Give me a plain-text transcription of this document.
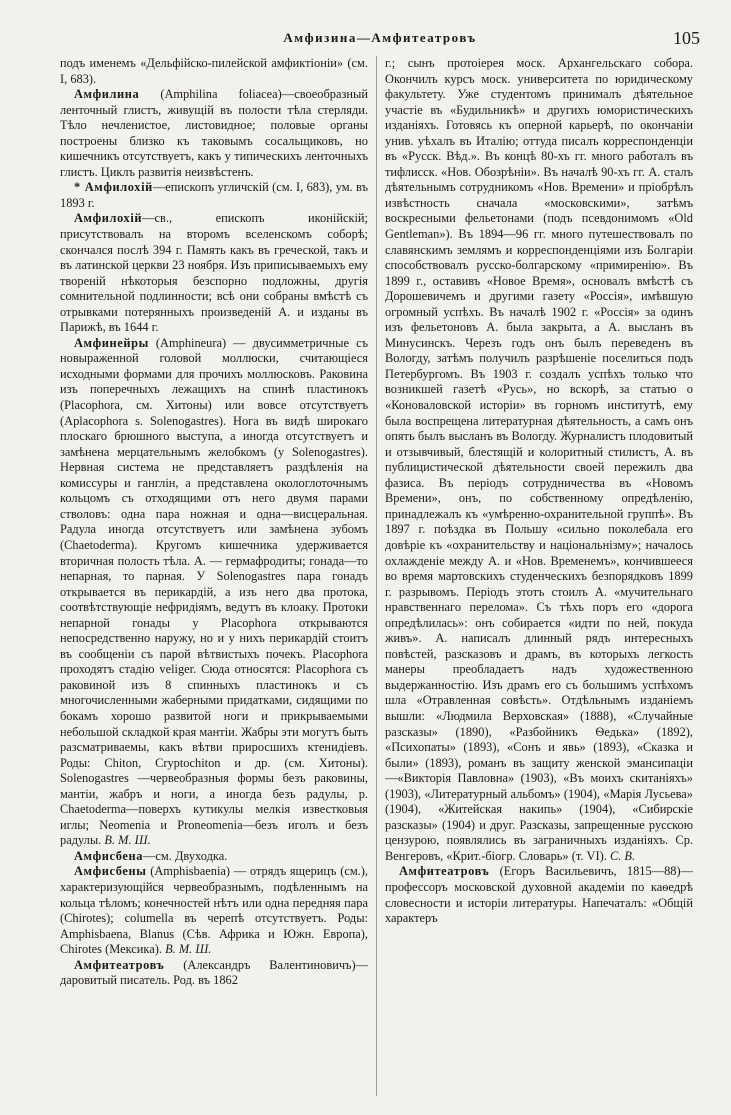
Амфизина—Амфитеатровъ	105

подъ именемъ «Дельфійско-пилейской амфиктіоніи» (см. I, 683).

Амфилина (Amphilina foliacea)—своеобразный ленточный глистъ, живущій въ полости тѣла стерляди. Тѣло нечленистое, листовидное; половые органы построены близко къ таковымъ сосальщиковъ, но кишечникъ отсутствуетъ, какъ у типическихъ ленточныхъ глистъ. Циклъ развитія неизвѣстенъ.

* Амфилохій—епископъ угличскій (см. I, 683), ум. въ 1893 г.

Амфилохій—св., епископъ иконійскій; присутствовалъ на второмъ вселенскомъ соборѣ; скончался послѣ 394 г. Память какъ въ греческой, такъ и въ латинской церкви 23 ноября. Изъ приписываемыхъ ему твореній нѣкоторыя безспорно подложны, другія сомнительной подлинности; всѣ они собраны вмѣстѣ съ отрывками потерянныхъ произведеній А. и изданы въ Парижѣ, въ 1644 г.

Амфинейры (Amphineura) — двусимметричные съ новыраженной головой моллюски, считающіеся исходными формами для прочихъ моллюсковъ. Раковина изъ поперечныхъ лежащихъ на спинѣ пластинокъ (Placophora, см. Хитоны) или вовсе отсутствуетъ (Aplacophora s. Solenogastres). Нога въ видѣ широкаго плоскаго брюшного выступа, а иногда отсутствуетъ и замѣнена мерцательнымъ желобкомъ (у Solenogastres). Нервная система не представляетъ раздѣленія на комиссуры и ганглін, а представлена окологлоточнымъ кольцомъ съ отходящими отъ него двумя парами стволовъ: одна пара ножная и одна—висцеральная. Радула иногда отсутствуетъ или замѣнена зубомъ (Chaetoderma). Кругомъ кишечника удерживается вторичная полость тѣла. А. — гермафродиты; гонада—то непарная, то парная. У Solenogastres пара гонадъ открывается въ перикардій, а изъ него два протока, соотвѣтствующіе нефридіямъ, ведутъ въ клоаку. Протоки непарной гонады у Placophora открываются непосредственно наружу, но и у нихъ перикардій стоитъ въ сообщеніи съ парой вѣтвистыхъ почекъ. Placophora проходятъ стадію veliger. Сюда относятся: Placophora съ раковиной изъ 8 спинныхъ пластинокъ и съ многочисленными жаберными придатками, сидящими по бокамъ хорошо развитой ноги и прикрываемыми небольшой складкой края мантіи. Жабры эти могутъ быть разсматриваемы, какъ вѣтви приросшихъ ктенидіевъ. Роды: Chiton, Cryptochiton и др. (см. Хитоны). Solenogastres —червеобразныя формы безъ раковины, мантіи, жабръ и ноги, а иногда безъ радулы, р. Chaetoderma—поверхъ кутикулы мелкія известковыя иглы; Neomenia и Proneomenia—безъ иголъ и безъ радулы. В. М. Ш.

Амфисбена—см. Двуходка.

Амфисбены (Amphisbaenia) — отрядъ ящерицъ (см.), характеризующійся червеобразнымъ, подѣленнымъ на кольца тѣломъ; конечностей нѣтъ или одна передняя пара (Chirotes); columella въ черепѣ отсутствуетъ. Роды: Amphisbaena, Blanus (Сѣв. Африка и Южн. Европа), Chirotes (Мексика). В. М. Ш.

Амфитеатровъ (Александръ Валентиновичъ)—даровитый писатель. Род. въ 1862

г.; сынъ протоіерея моск. Архангельскаго собора. Окончилъ курсъ моск. университета по юридическому факультету. Уже студентомъ принималъ дѣятельное участіе въ «Будильникѣ» и другихъ юмористическихъ изданіяхъ. Готовясь къ оперной карьерѣ, по окончаніи унив. уѣхалъ въ Италію; оттуда писалъ корреспонденціи въ «Русск. Вѣд.». Въ концѣ 80-хъ гг. много работалъ въ тифлисск. «Нов. Обозрѣніи». Въ началѣ 90-хъ гг. А. сталъ дѣятельнымъ сотрудникомъ «Нов. Времени» и пріобрѣлъ извѣстность сначала «московскими», затѣмъ воскресными фельетонами (подъ псевдонимомъ «Old Gentleman»). Въ 1894—96 гг. много путешествовалъ по славянскимъ землямъ и корреспонденціями изъ Болгаріи способствовалъ русско-болгарскому «примиренію». Въ 1899 г., оставивъ «Новое Время», основалъ вмѣстѣ съ Дорошевичемъ и другими газету «Россія», имѣвшую огромный успѣхъ. Въ началѣ 1902 г. «Россія» за одинъ изъ фельетоновъ А. была закрыта, а А. высланъ въ Минусинскъ. Черезъ годъ онъ былъ переведенъ въ Вологду, затѣмъ получилъ разрѣшеніе поселиться подъ Петербургомъ. Въ 1903 г. создалъ успѣхъ только что возникшей газетѣ «Русь», но вскорѣ, за статью о «Коноваловской исторіи» въ горномъ институтѣ, ему была воспрещена литературная дѣятельность, а самъ онъ опять былъ высланъ въ Вологду. Журналистъ плодовитый и отзывчивый, блестящій и колоритный стилистъ, А. въ публицистической дѣятельности своей пережилъ два фазиса. Въ періодъ сотрудничества въ «Новомъ Времени», онъ, по собственному опредѣленію, принадлежалъ къ «умѣренно-охранительной группѣ». Въ 1897 г. поѣздка въ Польшу «сильно поколебала его довѣріе къ «охранительству и національнізму»; началось охлажденіе между А. и «Нов. Временемъ», кончившееся во время мартовскихъ студенческихъ безпорядковъ 1899 г. разрывомъ. Періодъ этотъ стоилъ А. «мучительнаго нравственнаго перелома». Съ тѣхъ поръ его «дорога опредѣлилась»: онъ собирается «идти по ней, покуда живъ». А. написалъ длинный рядъ интересныхъ повѣстей, разсказовъ и драмъ, въ которыхъ легкость манеры преобладаетъ надъ художественною выдержанностію. Изъ драмъ его съ большимъ успѣхомъ шла «Отравленная совѣсть». Отдѣльнымъ изданіемъ вышли: «Людмила Верховская» (1888), «Случайные разсказы» (1890), «Разбойникъ Ѳедька» (1892), «Психопаты» (1893), «Сонъ и явь» (1893), «Сказка и были» (1893), романъ въ защиту женской эмансипаціи—«Викторія Павловна» (1903), «Въ моихъ скитаніяхъ» (1903), «Литературный альбомъ» (1904), «Марія Лусьева» (1904), «Житейская накипь» (1904), «Сибирскіе разсказы» (1904) и друг. Разсказы, запрещенные русскою цензурою, появлялись въ заграничныхъ изданіяхъ. Ср. Венгеровъ, «Крит.-біогр. Словарь» (т. VI). С. В.

Амфитеатровъ (Егоръ Васильевичъ, 1815—88)—профессоръ московской духовной академіи по каѳедрѣ словесности и исторіи литературы. Напечаталъ: «Общій характеръ
